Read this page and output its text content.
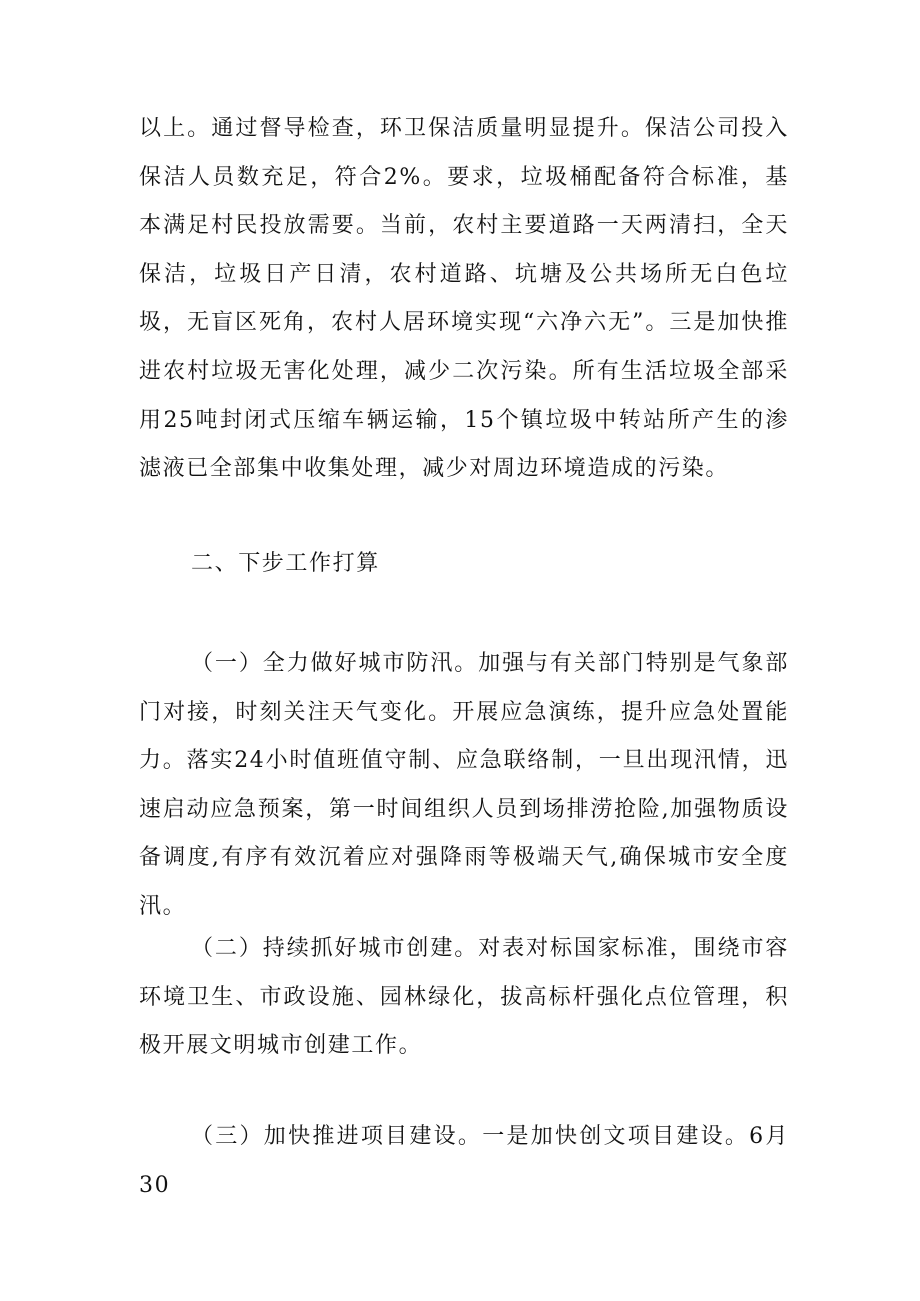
以上。通过督导检查，环卫保洁质量明显提升。保洁公司投入保洁人员数充足，符合2%。要求，垃圾桶配备符合标准，基本满足村民投放需要。当前，农村主要道路一天两清扫，全天保洁，垃圾日产日清，农村道路、坑塘及公共场所无白色垃圾，无盲区死角，农村人居环境实现“六净六无”。三是加快推进农村垃圾无害化处理，减少二次污染。所有生活垃圾全部采用25吨封闭式压缩车辆运输，15个镇垃圾中转站所产生的渗滤液已全部集中收集处理，减少对周边环境造成的污染。

二、下步工作打算

（一）全力做好城市防汛。加强与有关部门特别是气象部门对接，时刻关注天气变化。开展应急演练，提升应急处置能力。落实24小时值班值守制、应急联络制，一旦出现汛情，迅速启动应急预案，第一时间组织人员到场排涝抢险,加强物质设备调度,有序有效沉着应对强降雨等极端天气,确保城市安全度汛。

（二）持续抓好城市创建。对表对标国家标准，围绕市容环境卫生、市政设施、园林绿化，拔高标杆强化点位管理，积极开展文明城市创建工作。

（三）加快推进项目建设。一是加快创文项目建设。6月30
